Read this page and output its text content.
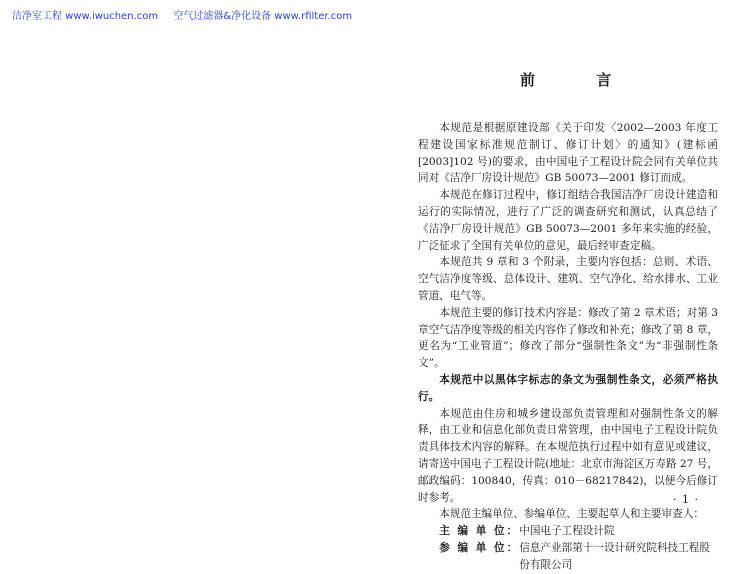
洁净室工程 www.iwuchen.com 空气过滤器&净化设备 www.rfilter.com
前 言

本规范是根据原建设部《关于印发〈2002—2003 年度工程建设国家标准规范制订、修订计划〉的通知》(建标函[2003]102 号)的要求，由中国电子工程设计院会同有关单位共同对《洁净厂房设计规范》GB 50073—2001 修订而成。

本规范在修订过程中，修订组结合我国洁净厂房设计建造和运行的实际情况，进行了广泛的调查研究和测试，认真总结了《洁净厂房设计规范》GB 50073—2001 多年来实施的经验，广泛征求了全国有关单位的意见，最后经审查定稿。

本规范共 9 章和 3 个附录，主要内容包括：总则、术语、空气洁净度等级、总体设计、建筑、空气净化、给水排水、工业管道、电气等。

本规范主要的修订技术内容是：修改了第 2 章术语；对第 3 章空气洁净度等级的相关内容作了修改和补充；修改了第 8 章，更名为“工业管道”；修改了部分“强制性条文”为“非强制性条文”。

本规范中以黑体字标志的条文为强制性条文，必须严格执行。

本规范由住房和城乡建设部负责管理和对强制性条文的解释，由工业和信息化部负责日常管理，由中国电子工程设计院负责具体技术内容的解释。在本规范执行过程中如有意见或建议，请寄送中国电子工程设计院(地址：北京市海淀区万寿路 27 号，邮政编码：100840，传真：010－68217842)，以便今后修订时参考。

本规范主编单位、参编单位、主要起草人和主要审查人：

主 编 单 位： 中国电子工程设计院
参 编 单 位： 信息产业部第十一设计研究院科技工程股份有限公司
· 1 ·
